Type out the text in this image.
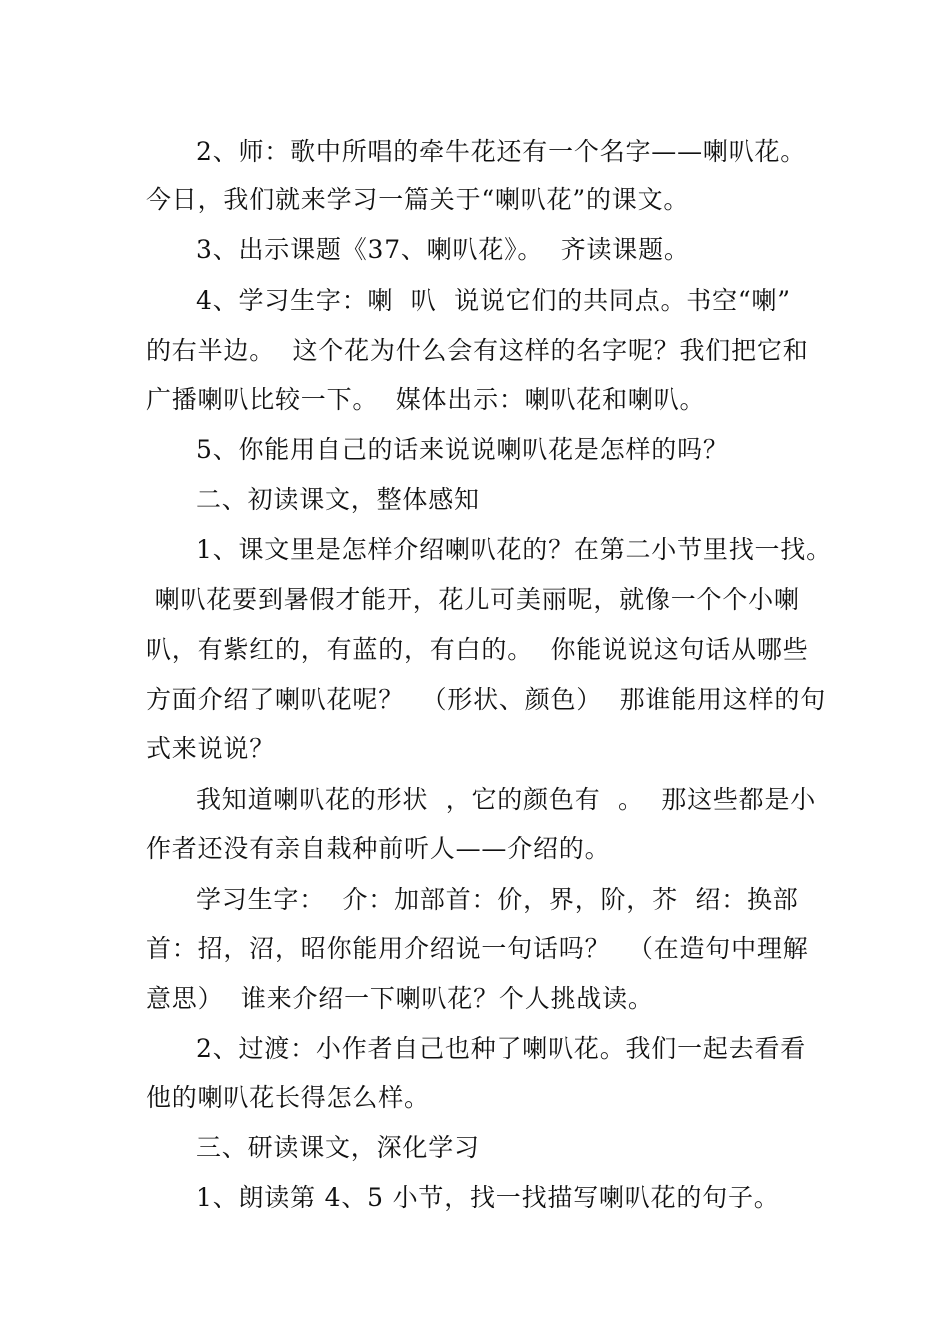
2、师：歌中所唱的牵牛花还有一个名字——喇叭花。
今日，我们就来学习一篇关于“喇叭花”的课文。
3、出示课题《37、喇叭花》。  齐读课题。
4、学习生字：喇  叭  说说它们的共同点。书空“喇”
的右半边。  这个花为什么会有这样的名字呢？我们把它和
广播喇叭比较一下。  媒体出示：喇叭花和喇叭。
5、你能用自己的话来说说喇叭花是怎样的吗？
二、初读课文，整体感知
1、课文里是怎样介绍喇叭花的？在第二小节里找一找。
喇叭花要到暑假才能开，花儿可美丽呢，就像一个个小喇
叭，有紫红的，有蓝的，有白的。  你能说说这句话从哪些
方面介绍了喇叭花呢？  （形状、颜色）  那谁能用这样的句
式来说说？
我知道喇叭花的形状  ，它的颜色有  。  那这些都是小
作者还没有亲自栽种前听人——介绍的。
学习生字：  介：加部首：价，界，阶，芥  绍：换部
首：招，沼，昭你能用介绍说一句话吗？  （在造句中理解
意思）  谁来介绍一下喇叭花？个人挑战读。
2、过渡：小作者自己也种了喇叭花。我们一起去看看
他的喇叭花长得怎么样。
三、研读课文，深化学习
1、朗读第 4、5 小节，找一找描写喇叭花的句子。
